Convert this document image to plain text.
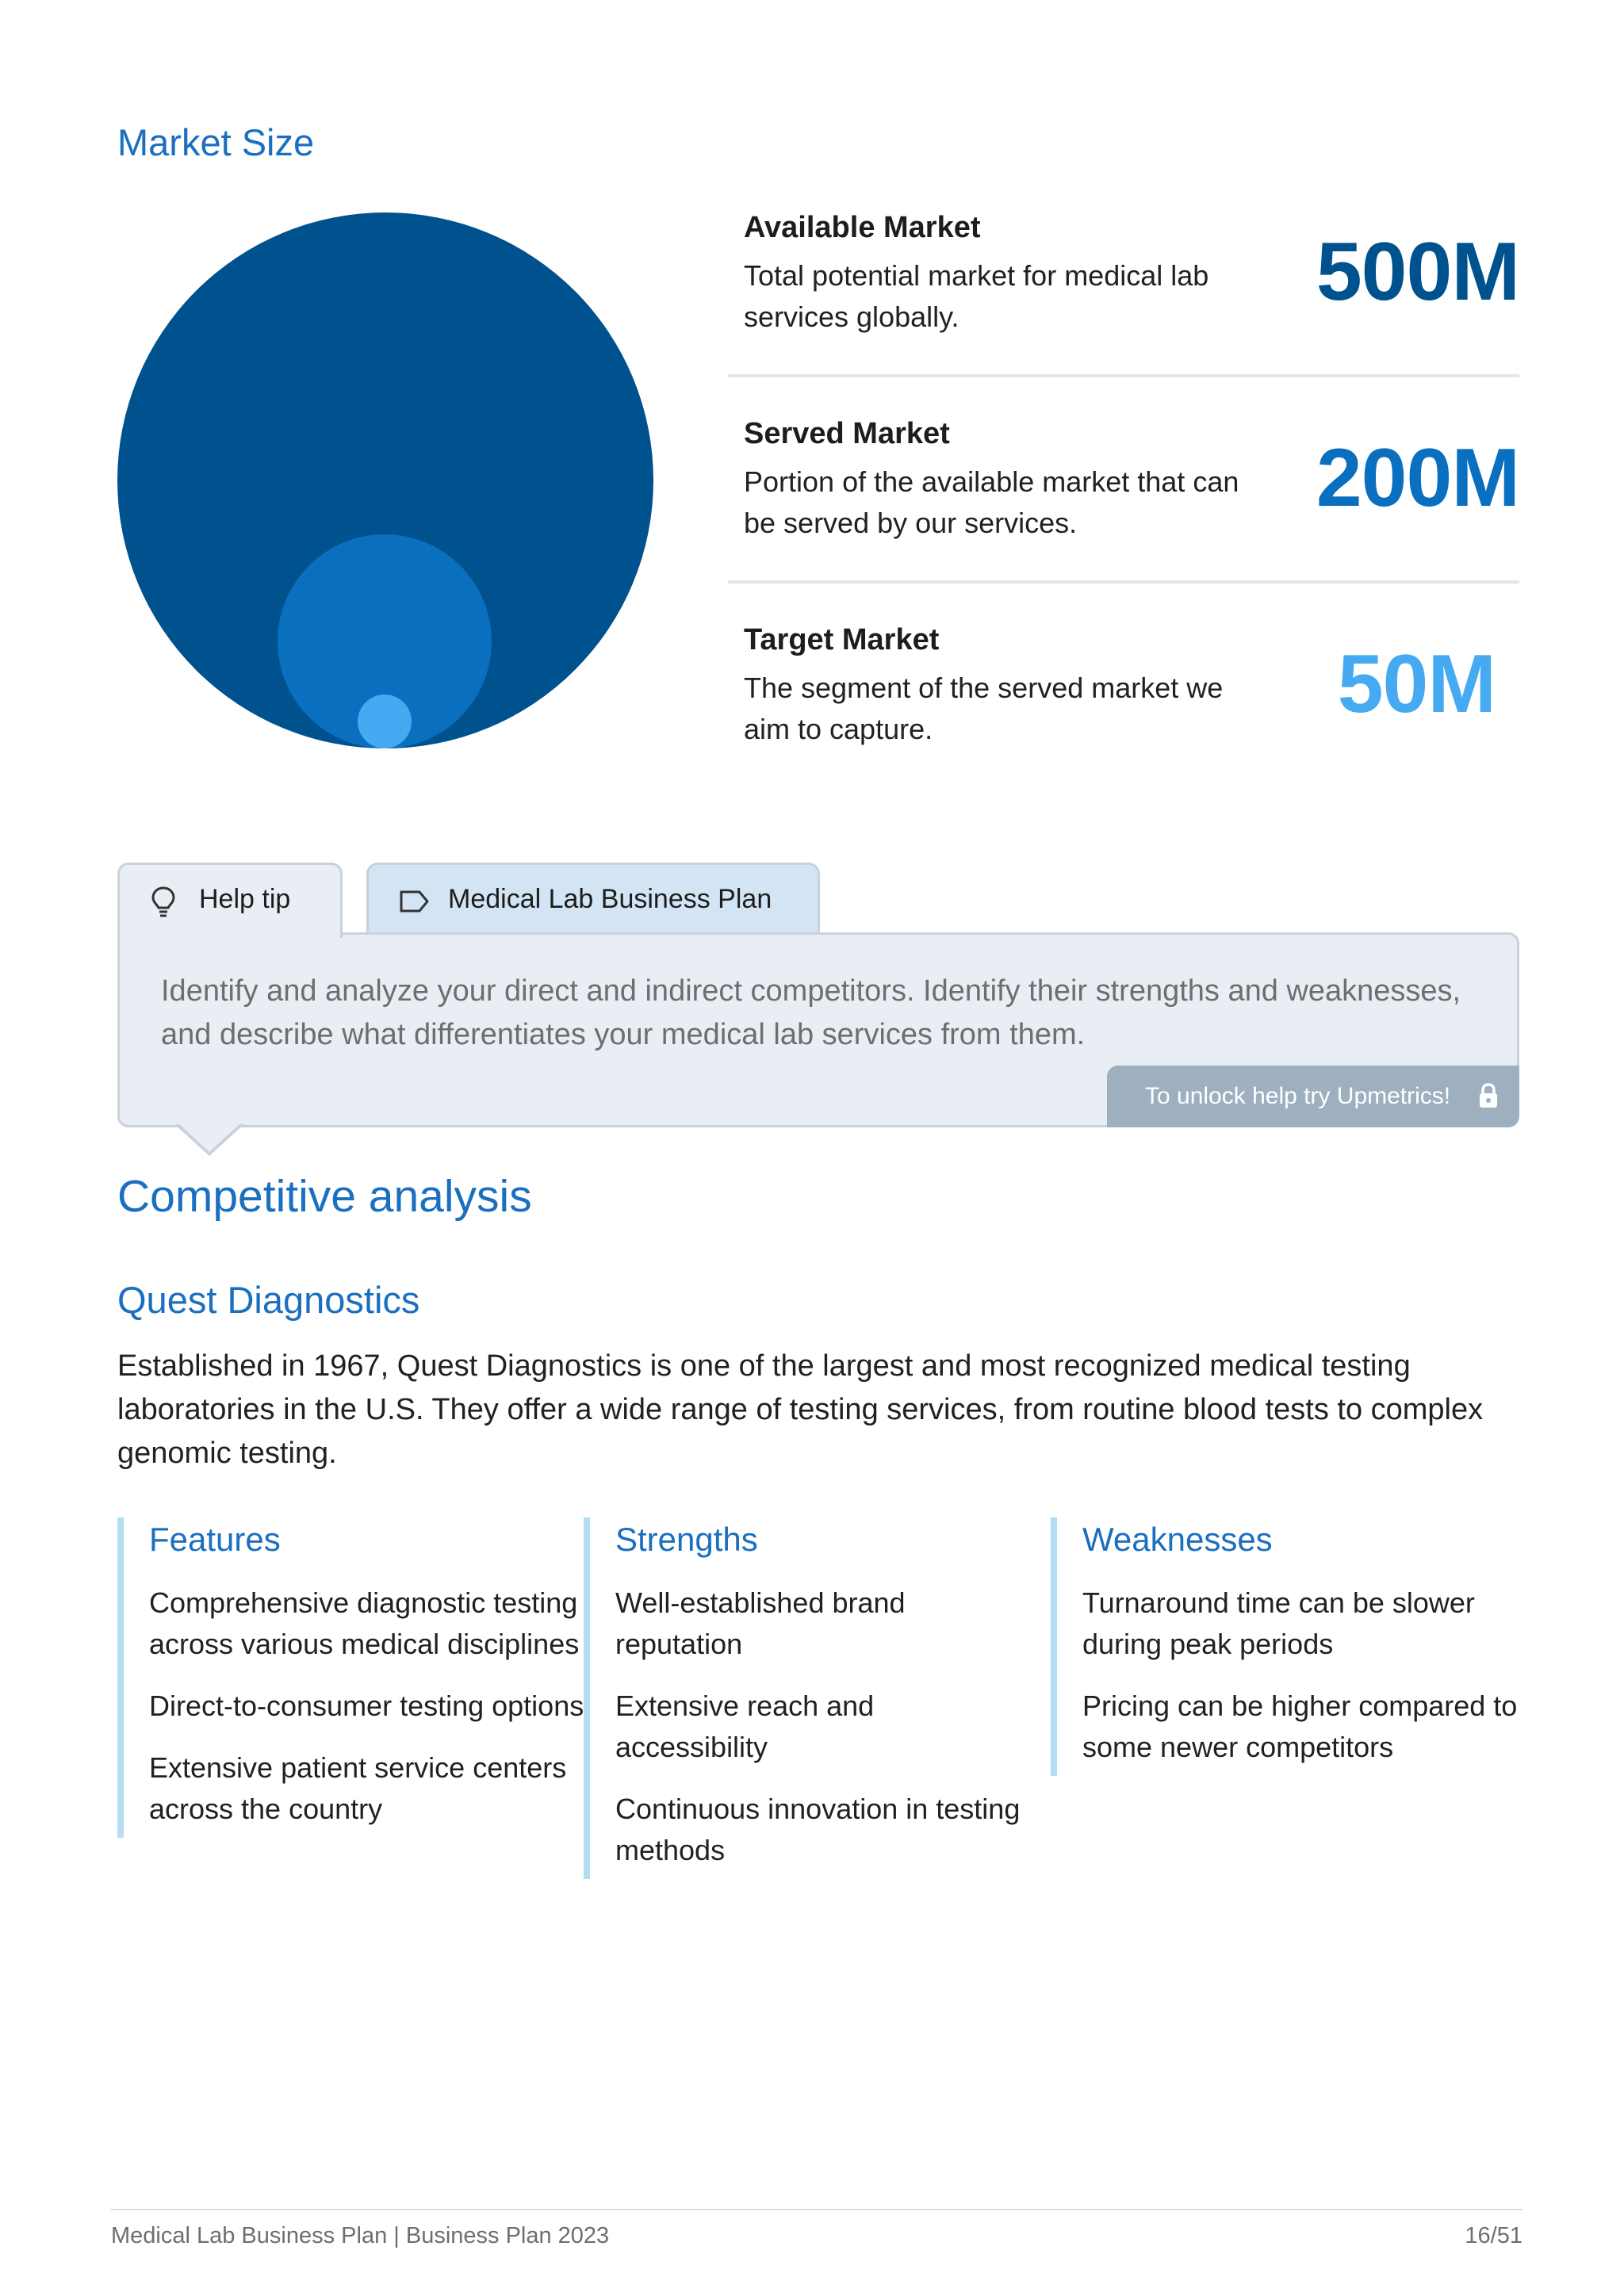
Market Size
Available Market
Total potential market for medical lab services globally.	500M
Served Market
Portion of the available market that can be served by our services.	200M
Target Market
The segment of the served market we aim to capture.	50M
Help tip	Medical Lab Business Plan
Identify and analyze your direct and indirect competitors. Identify their strengths and weaknesses, and describe what differentiates your medical lab services from them.
To unlock help try Upmetrics!
Competitive analysis
Quest Diagnostics
Established in 1967, Quest Diagnostics is one of the largest and most recognized medical testing laboratories in the U.S. They offer a wide range of testing services, from routine blood tests to complex genomic testing.
Features
Comprehensive diagnostic testing across various medical disciplines
Direct-to-consumer testing options
Extensive patient service centers across the country
Strengths
Well-established brand reputation
Extensive reach and accessibility
Continuous innovation in testing methods
Weaknesses
Turnaround time can be slower during peak periods
Pricing can be higher compared to some newer competitors
Medical Lab Business Plan | Business Plan 2023	16/51
